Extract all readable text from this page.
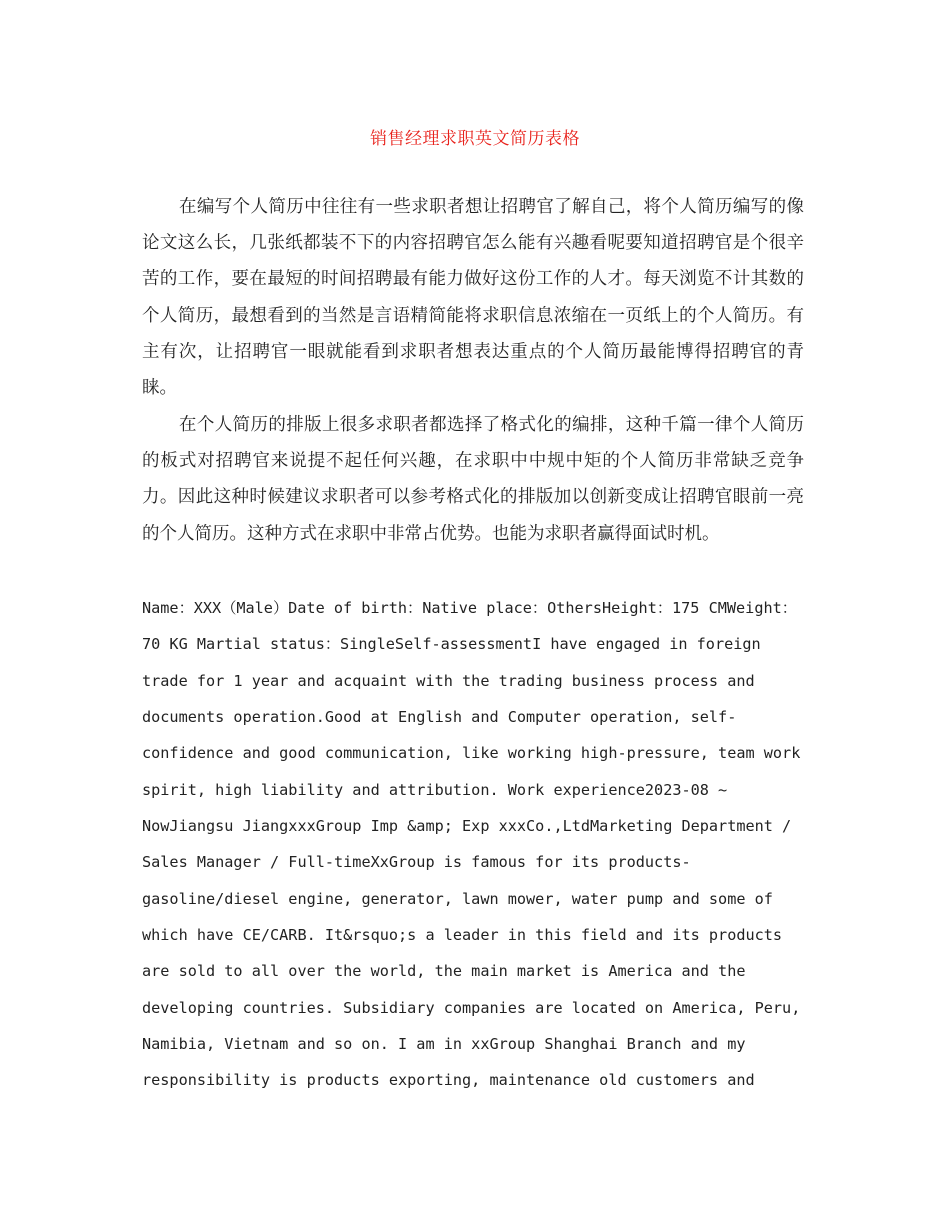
销售经理求职英文简历表格

在编写个人简历中往往有一些求职者想让招聘官了解自己，将个人简历编写的像论文这么长，几张纸都装不下的内容招聘官怎么能有兴趣看呢要知道招聘官是个很辛苦的工作，要在最短的时间招聘最有能力做好这份工作的人才。每天浏览不计其数的个人简历，最想看到的当然是言语精简能将求职信息浓缩在一页纸上的个人简历。有主有次，让招聘官一眼就能看到求职者想表达重点的个人简历最能博得招聘官的青睐。

在个人简历的排版上很多求职者都选择了格式化的编排，这种千篇一律个人简历的板式对招聘官来说提不起任何兴趣，在求职中中规中矩的个人简历非常缺乏竞争力。因此这种时候建议求职者可以参考格式化的排版加以创新变成让招聘官眼前一亮的个人简历。这种方式在求职中非常占优势。也能为求职者赢得面试时机。

Name：XXX（Male）Date of birth：Native place：OthersHeight：175 CMWeight：70 KG Martial status：SingleSelf-assessmentI have engaged in foreign trade for 1 year and acquaint with the trading business process and documents operation.Good at English and Computer operation, self-confidence and good communication, like working high-pressure, team work spirit, high liability and attribution. Work experience2023-08 ~ NowJiangsu JiangxxxGroup Imp &amp; Exp xxxCo.,LtdMarketing Department / Sales Manager / Full-timeXxGroup is famous for its products-gasoline/diesel engine, generator, lawn mower, water pump and some of which have CE/CARB. It&rsquo;s a leader in this field and its products are sold to all over the world, the main market is America and the developing countries. Subsidiary companies are located on America, Peru, Namibia, Vietnam and so on. I am in xxGroup Shanghai Branch and my responsibility is products exporting, maintenance old customers and
